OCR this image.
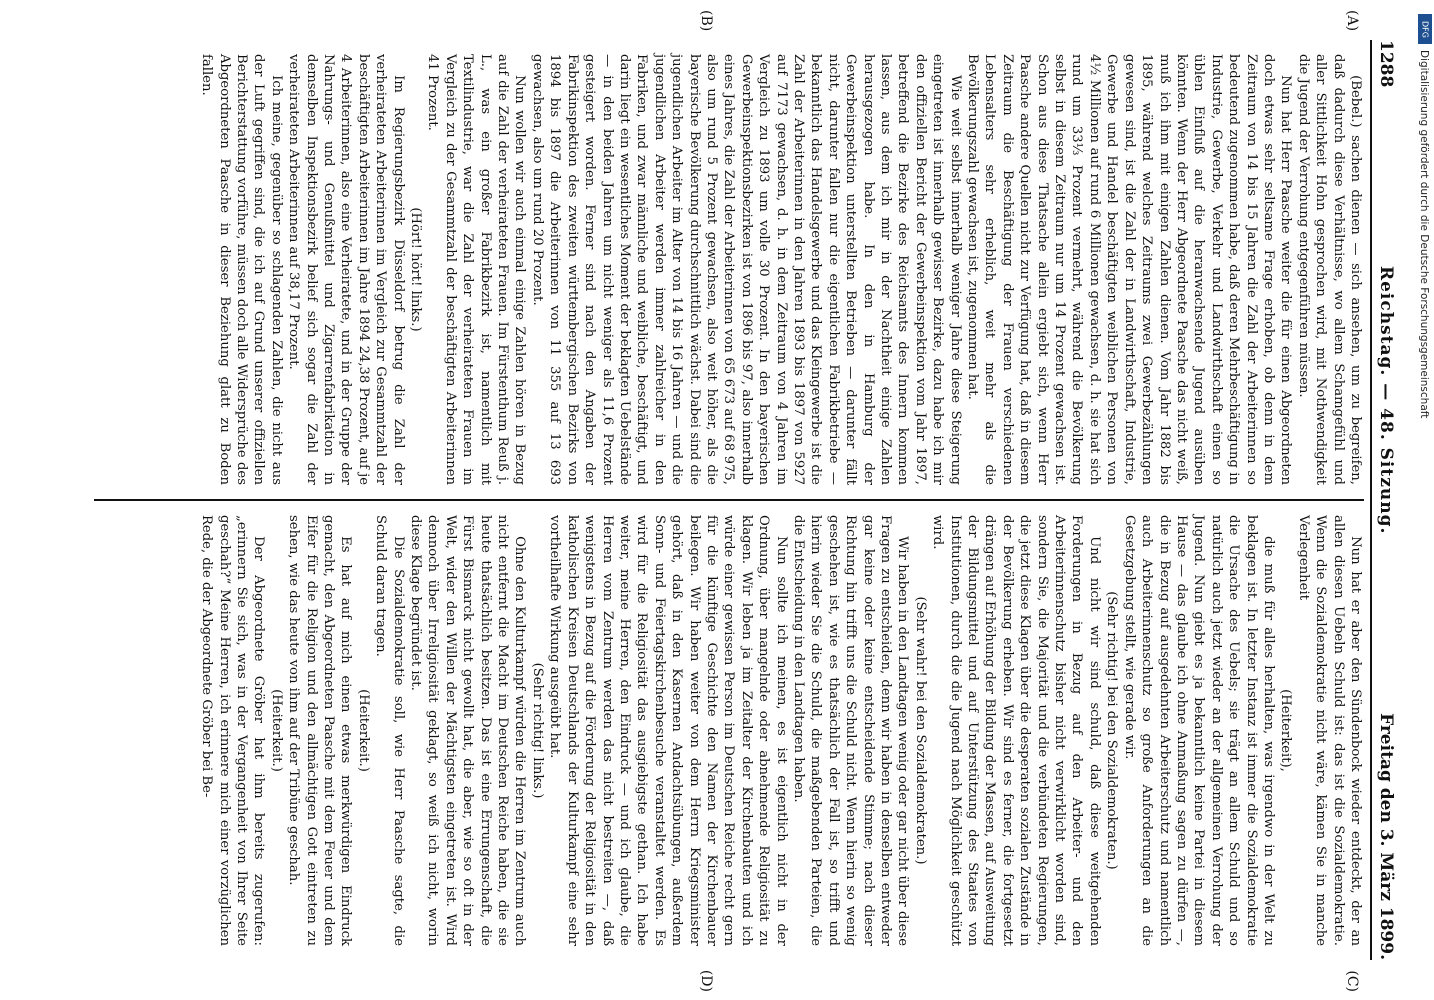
1288
Reichstag. — 48. Sitzung.
Freitag den 3. März 1899.

(Bebel.) sachen dienen — sich ansehen, um zu begreifen, daß dadurch diese Verhältnisse, wo allem Schamgefühl und aller Sittlichkeit Hohn gesprochen wird, mit Nothwendigkeit die Jugend der Verrohung entgegenführen müssen.

Nun hat Herr Paasche weiter die für einen Abgeordneten doch etwas sehr seltsame Frage erhoben, ob denn in dem Zeitraum von 14 bis 15 Jahren die Zahl der Arbeiterinnen so bedeutend zugenommen habe, daß deren Mehrbeschäftigung in Industrie, Gewerbe, Verkehr und Landwirthschaft einen so üblen Einfluß auf die heranwachsende Jugend ausüben könnten. Wenn der Herr Abgeordnete Paasche das nicht weiß, muß ich ihm mit einigen Zahlen dienen. Vom Jahr 1882 bis 1895, während welches Zeitraums zwei Gewerbezählungen gewesen sind, ist die Zahl der in Landwirthschaft, Industrie, Gewerbe und Handel beschäftigten weiblichen Personen von 4½ Millionen auf rund 6 Millionen gewachsen, d. h. sie hat sich rund um 33⅓ Prozent vermehrt, während die Bevölkerung selbst in diesem Zeitraum nur um 14 Prozent gewachsen ist. Schon aus diese Thatsache allein ergiebt sich, wenn Herr Paasche andere Quellen nicht zur Verfügung hat, daß in diesem Zeitraum die Beschäftigung der Frauen verschiedenen Lebensalters sehr erheblich, weit mehr als die Bevölkerungszahl gewachsen ist, zugenommen hat.

Wie weit selbst innerhalb weniger Jahre diese Steigerung eingetreten ist innerhalb gewisser Bezirke, dazu habe ich mir den offiziellen Bericht der Gewerbeinspektion vom Jahr 1897, betreffend die Bezirke des Reichsamts des Innern kommen lassen, aus dem ich mir in der Nachtheit einige Zahlen herausgezogen habe. In den in Hamburg der Gewerbeinspektion unterstellten Betrieben — darunter fällt nicht, darunter fallen nur die eigentlichen Fabrikbetriebe — bekanntlich das Handelsgewerbe und das Kleingewerbe ist die Zahl der Arbeiterinnen in den Jahren 1893 bis 1897 von 5927 auf 7173 gewachsen, d. h. in dem Zeitraum von 4 Jahren im Vergleich zu 1893 um volle 30 Prozent. In den bayerischen Gewerbeinspektionsbezirken ist von 1896 bis 97, also innerhalb eines Jahres, die Zahl der Arbeiterinnen von 65 673 auf 68 975, also um rund 5 Prozent gewachsen, also weit höher, als die bayerische Bevölkerung durchschnittlich wächst. Dabei sind die jugendlichen Arbeiter im Alter von 14 bis 16 Jahren — und die jugendlichen Arbeiter werden immer zahlreicher in den Fabriken, und zwar männliche und weibliche, beschäftigt, und darin liegt ein wesentliches Moment der beklagten Uebelstände — in den beiden Jahren um nicht weniger als 11,6 Prozent gesteigert worden. Ferner sind nach den Angaben der Fabrikinspektion des zweiten württembergischen Bezirks von 1894 bis 1897 die Arbeiterinnen von 11 355 auf 13 693 gewachsen, also um rund 20 Prozent.

Nun wollen wir auch einmal einige Zahlen hören in Bezug auf die Zahl der verheirateten Frauen. Im Fürstenthum Reuß j. L., was ein großer Fabrikbezirk ist, namentlich mit Textilindustrie, war die Zahl der verheirateten Frauen im Vergleich zu der Gesammtzahl der beschäftigten Arbeiterinnen 41 Prozent.

(Hört! hört! links.)

Im Regierungsbezirk Düsseldorf betrug die Zahl der verheirateten Arbeiterinnen im Vergleich zur Gesammtzahl der beschäftigten Arbeiterinnen im Jahre 1894 24,38 Prozent, auf je 4 Arbeiterinnen, also eine Verheiratete, und in der Gruppe der Nahrungs- und Genußmittel und Zigarrenfabrikation in demselben Inspektionsbezirk belief sich sogar die Zahl der verheirateten Arbeiterinnen auf 38,17 Prozent.

Ich meine, gegenüber so schlagenden Zahlen, die nicht aus der Luft gegriffen sind, die ich auf Grund unserer offiziellen Berichterstattung vorführe, müssen doch alle Widersprüche des Abgeordneten Paasche in dieser Beziehung glatt zu Boden fallen.

Nun hat er aber den Sündenbock wieder entdeckt, der an allen diesen Uebeln Schuld ist: das ist die Sozialdemokratie. Wenn die Sozialdemokratie nicht wäre, kämen Sie in manche Verlegenheit

(Heiterkeit),

die muß für alles herhalten, was irgendwo in der Welt zu beklagen ist. In letzter Instanz ist immer die Sozialdemokratie die Ursache des Uebels; sie trägt an allem Schuld und so natürlich auch jetzt wieder an der allgemeinen Verrohung der Jugend. Nun giebt es ja bekanntlich keine Partei in diesem Hause — das glaube ich ohne Anmaßung sagen zu dürfen —, die in Bezug auf ausgedehnten Arbeiterschutz und namentlich auch Arbeiterinnenschutz so große Anforderungen an die Gesetzgebung stellt, wie gerade wir.

(Sehr richtig! bei den Sozialdemokraten.)

Und nicht wir sind schuld, daß diese weitgehenden Forderungen in Bezug auf den Arbeiter- und den Arbeiterinnenschutz bisher nicht verwirklicht worden sind, sondern Sie, die Majorität und die verbündeten Regierungen, die jetzt diese Klagen über die desperaten sozialen Zustände in der Bevölkerung erheben. Wir sind es ferner, die fortgesetzt drängen auf Erhöhung der Bildung der Massen, auf Ausweitung der Bildungsmittel und auf Unterstützung des Staates von Institutionen, durch die die Jugend nach Möglichkeit geschützt wird.

(Sehr wahr! bei den Sozialdemokraten.)

Wir haben in den Landtagen wenig oder gar nicht über diese Fragen zu entscheiden, denn wir haben in denselben entweder gar keine oder keine entscheidende Stimme; nach dieser Richtung hin trifft uns die Schuld nicht. Wenn hierin so wenig geschehen ist, wie es thatsächlich der Fall ist, so trifft und hierin wieder Sie die Schuld, die maßgebenden Parteien, die die Entscheidung in den Landtagen haben.

Nun sollte ich meinen, es ist eigentlich nicht in der Ordnung, über mangelnde oder abnehmende Religiosität zu klagen. Wir leben ja im Zeitalter der Kirchenbauten und ich würde einer gewissen Person im Deutschen Reiche recht gern für die künftige Geschichte den Namen der Kirchenbauer beilegen. Wir haben weiter von dem Herrn Kriegsminister gehört, daß in den Kasernen Andachtsübungen, außerdem Sonn- und Feiertagskirchenbesuche veranstaltet werden. Es wird für die Religiosität das ausgiebigste gethan. Ich habe weiter, meine Herren, den Eindruck — und ich glaube, die Herren vom Zentrum werden das nicht bestreiten —, daß wenigstens in Bezug auf die Förderung der Religiosität in den katholischen Kreisen Deutschlands der Kulturkampf eine sehr vortheilhafte Wirkung ausgeübt hat.

(Sehr richtig! links.)

Ohne den Kulturkampf würden die Herren im Zentrum auch nicht entfernt die Macht im Deutschen Reiche haben, die sie heute thatsächlich besitzen. Das ist eine Errungenschaft, die Fürst Bismarck nicht gewollt hat, die aber, wie so oft in der Welt, wider den Willen der Mächtigsten eingetreten ist. Wird dennoch über Irreligiosität geklagt, so weiß ich nicht, worin diese Klage begründet ist.

Die Sozialdemokratie soll, wie Herr Paasche sagte, die Schuld daran tragen.

(Heiterkeit.)

Es hat auf mich einen etwas merkwürdigen Eindruck gemacht, den Abgeordneten Paasche mit dem Feuer und dem Eifer für die Religion und den allmächtigen Gott eintreten zu sehen, wie das heute von ihm auf der Tribüne geschah.

(Heiterkeit.)

Der Abgeordnete Gröber hat ihm bereits zugerufen: „erinnern Sie sich, was in der Vergangenheit von Ihrer Seite geschah?“ Meine Herren, ich erinnere mich einer vorzüglichen Rede, die der Abgeordnete Gröber bei Be-

(A)
(B)
(C)
(D)
DFG
Digitalisierung gefördert durch die Deutsche Forschungsgemeinschaft
